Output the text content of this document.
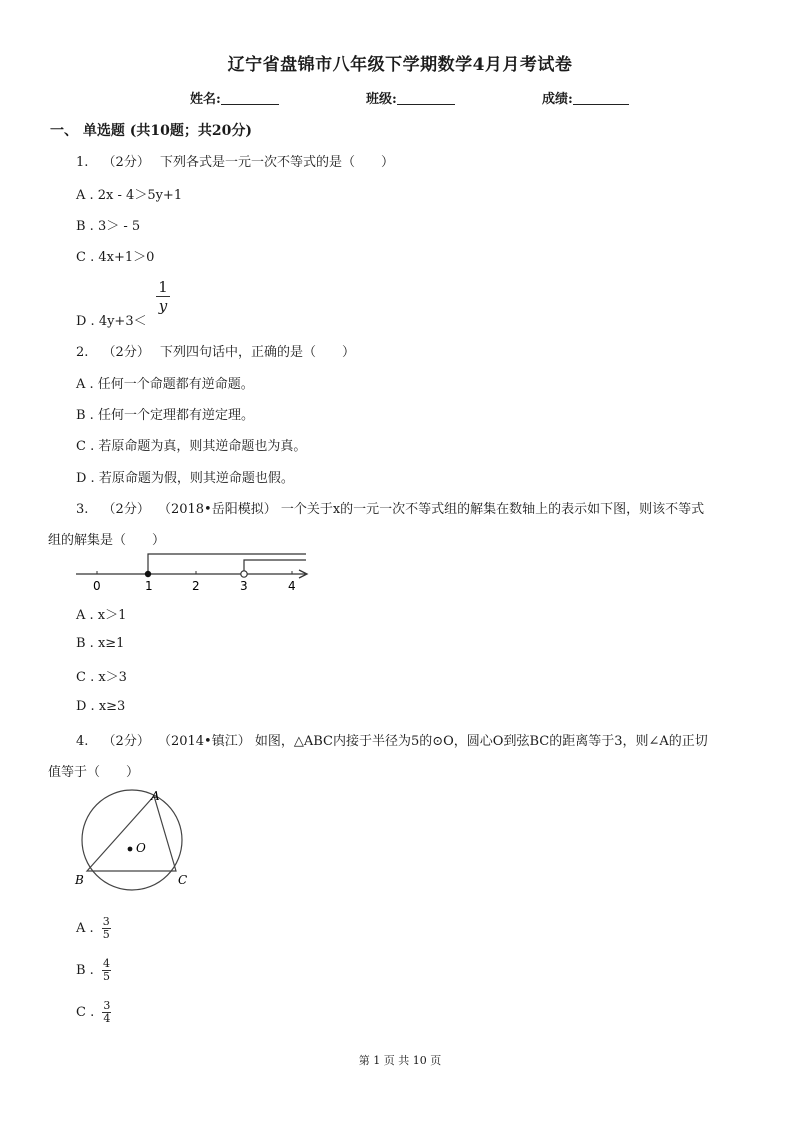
辽宁省盘锦市八年级下学期数学4月月考试卷
姓名:	班级:	成绩:
一、 单选题 (共10题；共20分)
1. （2分） 下列各式是一元一次不等式的是（　　）
A . 2x - 4＞5y+1
B . 3＞ - 5
C . 4x+1＞0
D . 4y+3＜
$\frac{1}{y}$
2. （2分） 下列四句话中，正确的是（　　）
A . 任何一个命题都有逆命题。
B . 任何一个定理都有逆定理。
C . 若原命题为真，则其逆命题也为真。
D . 若原命题为假，则其逆命题也假。
3. （2分） （2018•岳阳模拟） 一个关于x的一元一次不等式组的解集在数轴上的表示如下图，则该不等式
组的解集是（　　）
0	1	2	3	4
A . x＞1
B . x≥1
C . x＞3
D . x≥3
4. （2分） （2014•镇江） 如图，△ABC内接于半径为5的⊙O，圆心O到弦BC的距离等于3，则∠A的正切
值等于（　　）
O
A
B	C
A . $\frac{3}{5}$
B . $\frac{4}{5}$
C . $\frac{3}{4}$
第 1 页 共 10 页
